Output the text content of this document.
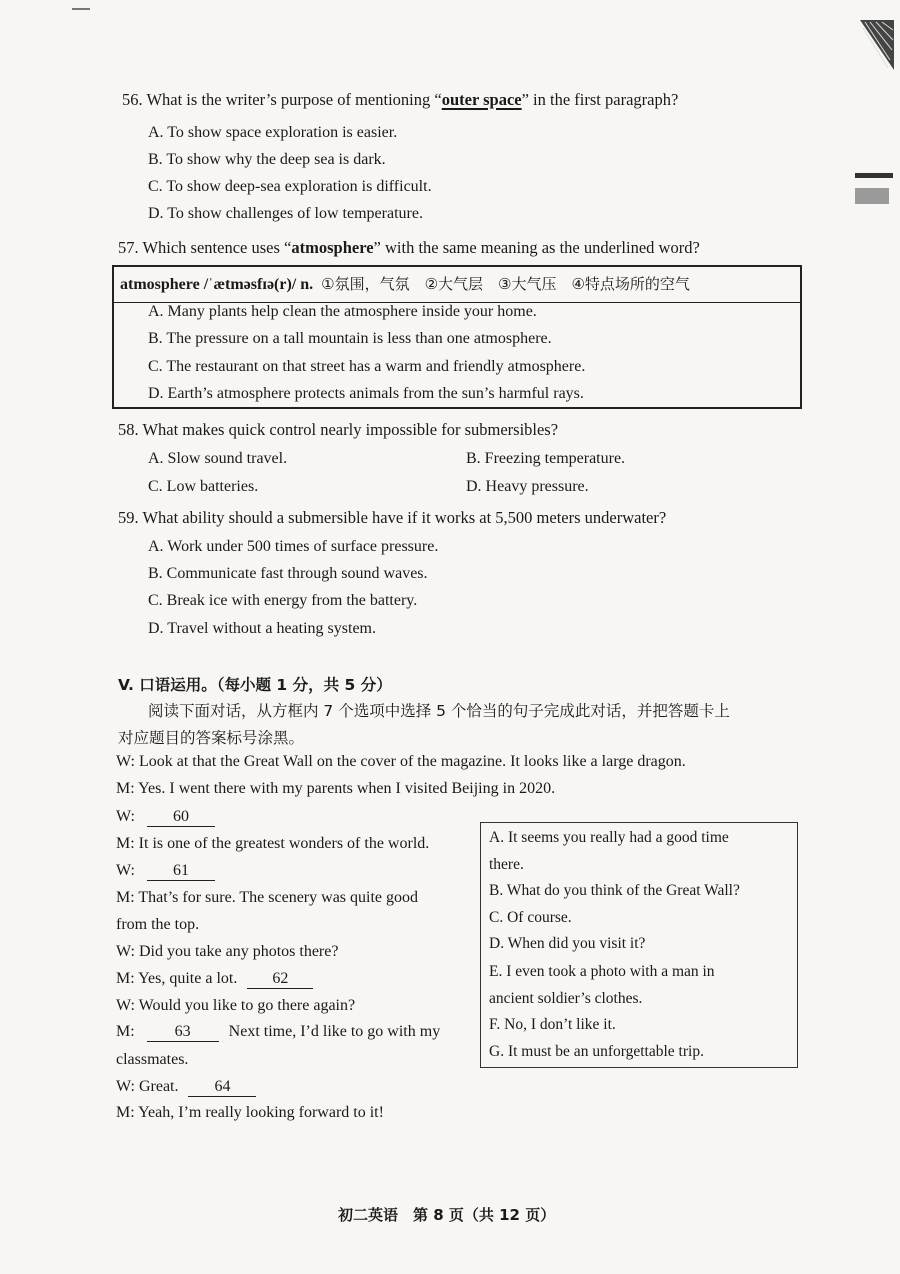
56. What is the writer’s purpose of mentioning “outer space” in the first paragraph?
A. To show space exploration is easier.
B. To show why the deep sea is dark.
C. To show deep-sea exploration is difficult.
D. To show challenges of low temperature.
57. Which sentence uses “atmosphere” with the same meaning as the underlined word?
atmosphere /ˈætməsfɪə(r)/ n. ①氛围，气氛　②大气层　③大气压　④特点场所的空气
A. Many plants help clean the atmosphere inside your home.
B. The pressure on a tall mountain is less than one atmosphere.
C. The restaurant on that street has a warm and friendly atmosphere.
D. Earth’s atmosphere protects animals from the sun’s harmful rays.
58. What makes quick control nearly impossible for submersibles?
A. Slow sound travel.	B. Freezing temperature.
C. Low batteries.	D. Heavy pressure.
59. What ability should a submersible have if it works at 5,500 meters underwater?
A. Work under 500 times of surface pressure.
B. Communicate fast through sound waves.
C. Break ice with energy from the battery.
D. Travel without a heating system.
V. 口语运用。（每小题 1 分，共 5 分）
阅读下面对话，从方框内 7 个选项中选择 5 个恰当的句子完成此对话，并把答题卡上
对应题目的答案标号涂黑。
W: Look at that the Great Wall on the cover of the magazine. It looks like a large dragon.
M: Yes. I went there with my parents when I visited Beijing in 2020.
W: 60
M: It is one of the greatest wonders of the world.
W: 61
M: That’s for sure. The scenery was quite good
from the top.
W: Did you take any photos there?
M: Yes, quite a lot. 62
W: Would you like to go there again?
M:	63 Next time, I’d like to go with my
classmates.
W: Great. 64
M: Yeah, I’m really looking forward to it!
A. It seems you really had a good time
there.
B. What do you think of the Great Wall?
C. Of course.
D. When did you visit it?
E. I even took a photo with a man in
ancient soldier’s clothes.
F. No, I don’t like it.
G. It must be an unforgettable trip.
初二英语　第 8 页（共 12 页）
